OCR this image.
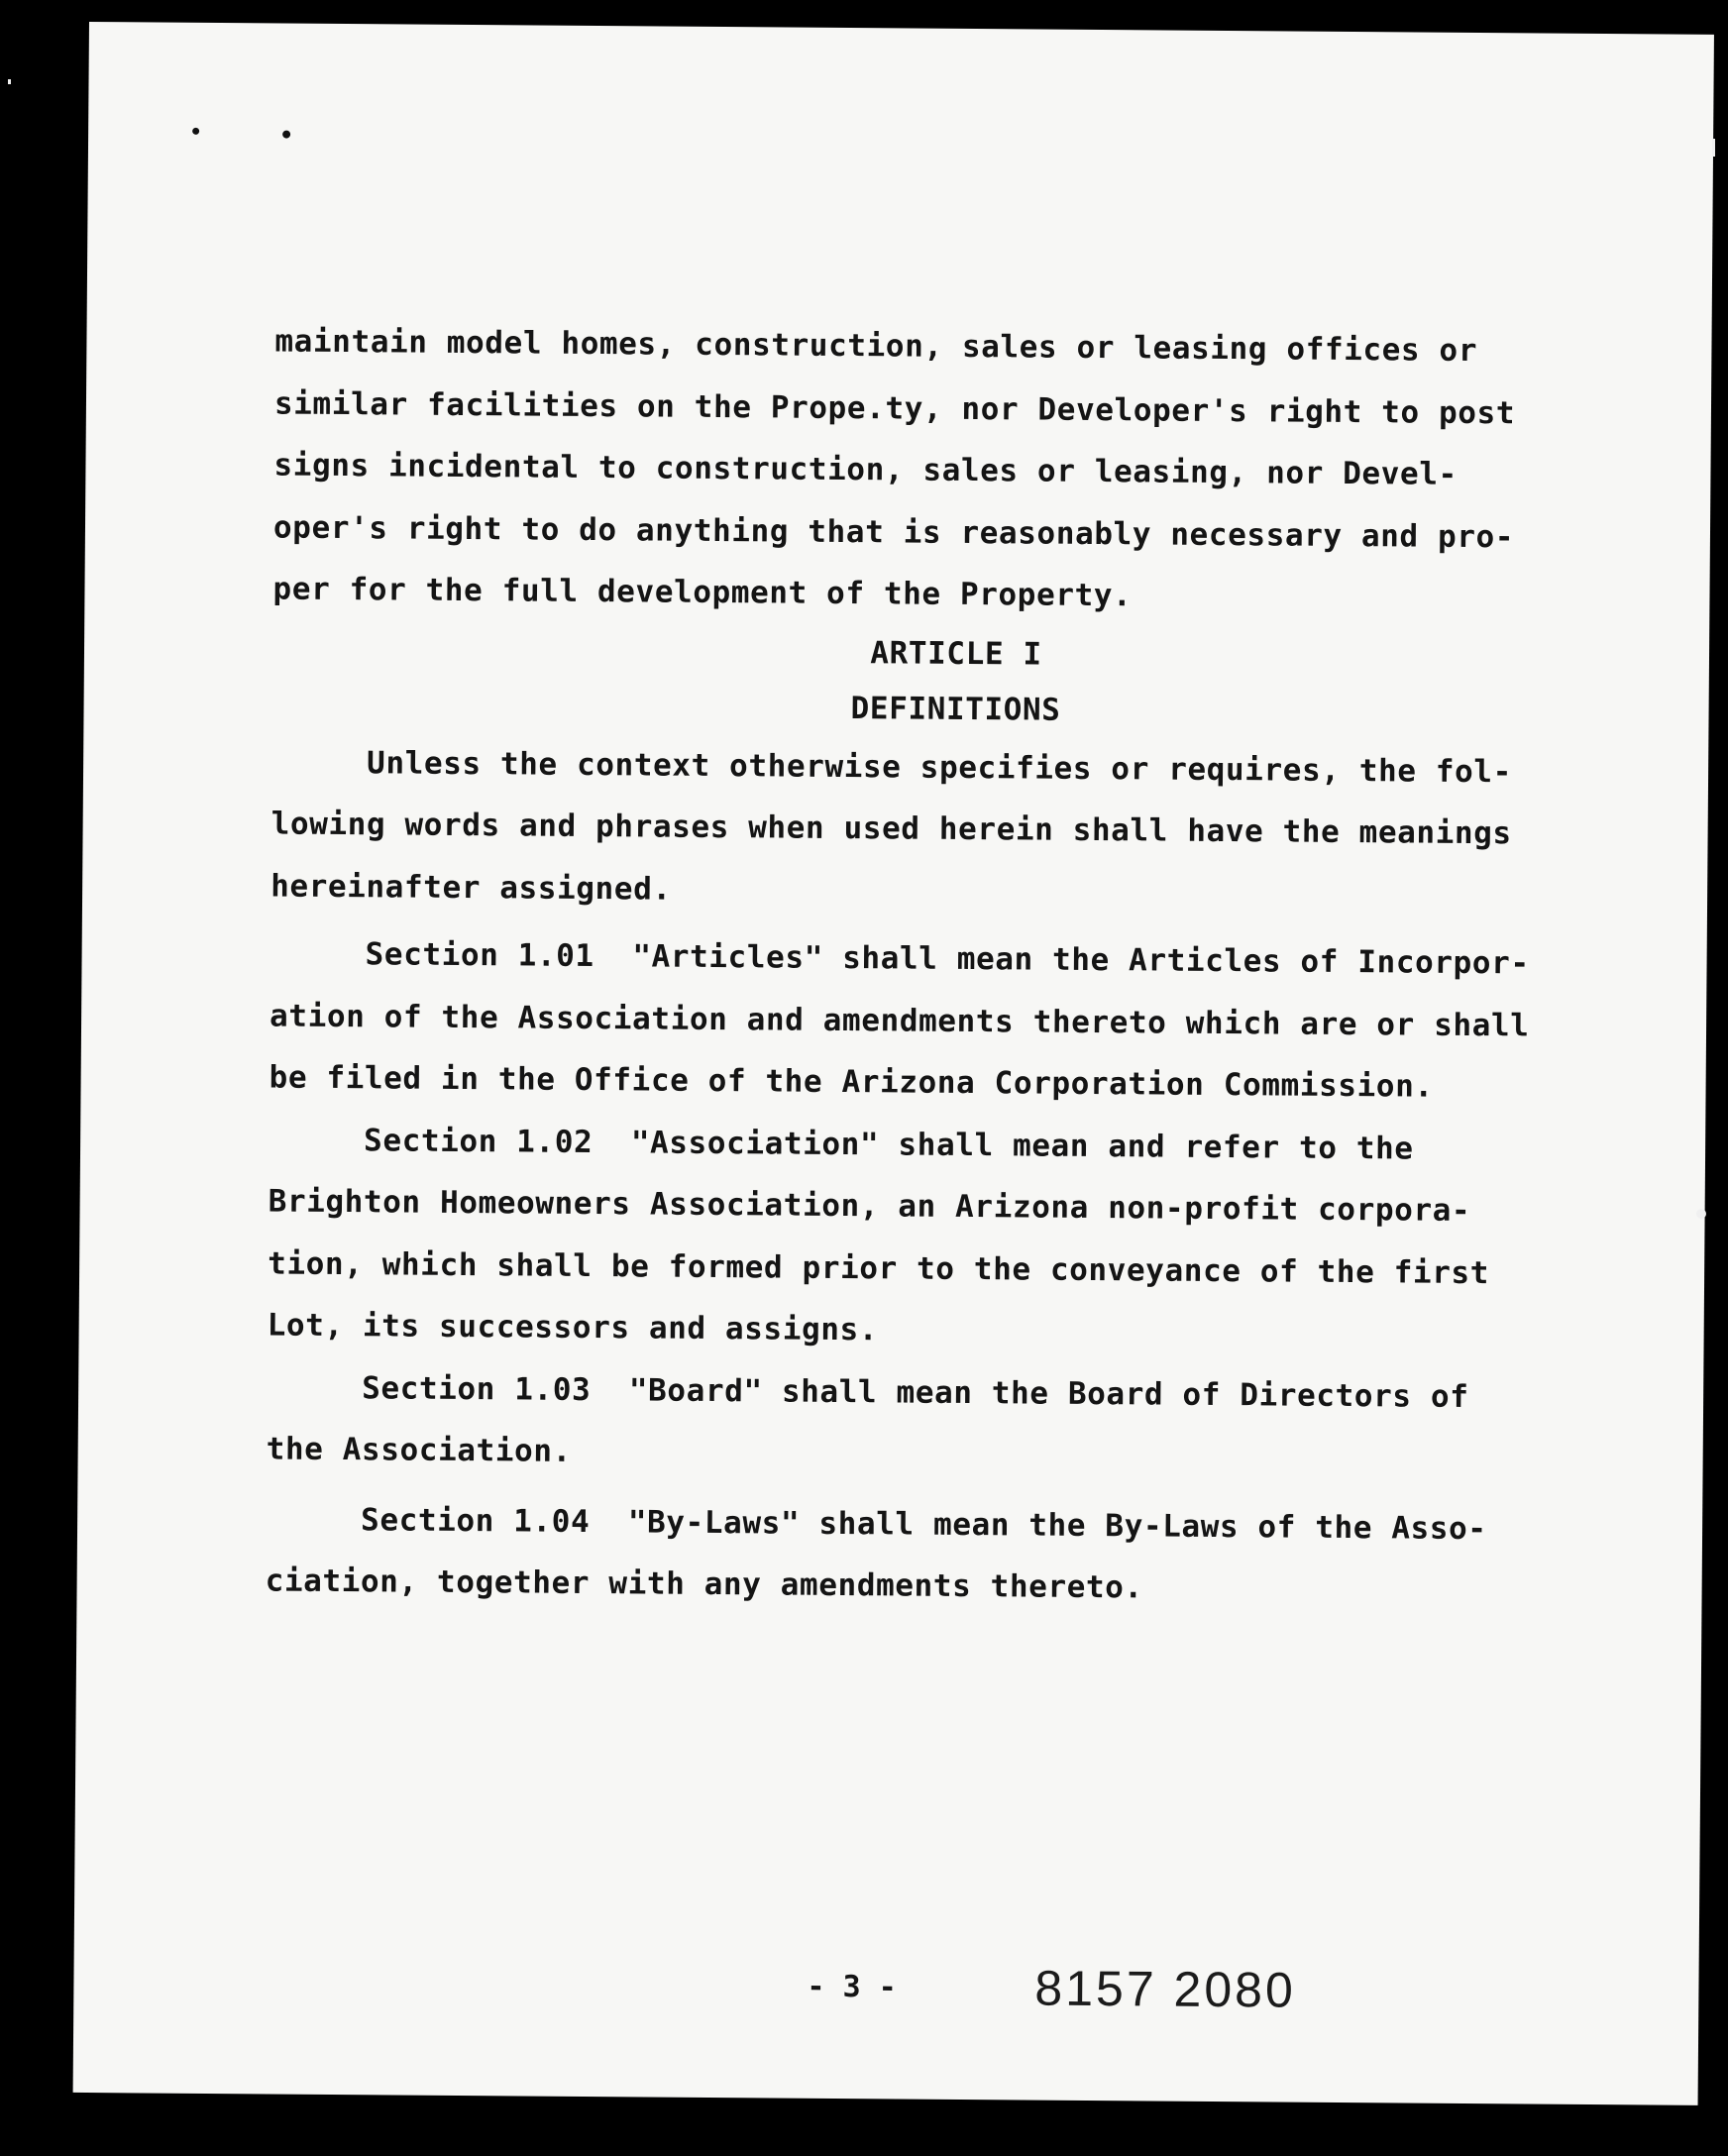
maintain model homes, construction, sales or leasing offices or
similar facilities on the Prope.ty, nor Developer's right to post
signs incidental to construction, sales or leasing, nor Devel-
oper's right to do anything that is reasonably necessary and pro-
per for the full development of the Property.
ARTICLE I
DEFINITIONS
Unless the context otherwise specifies or requires, the fol-
lowing words and phrases when used herein shall have the meanings
hereinafter assigned.
Section 1.01  "Articles" shall mean the Articles of Incorpor-
ation of the Association and amendments thereto which are or shall
be filed in the Office of the Arizona Corporation Commission.
Section 1.02  "Association" shall mean and refer to the
Brighton Homeowners Association, an Arizona non-profit corpora-
tion, which shall be formed prior to the conveyance of the first
Lot, its successors and assigns.
Section 1.03  "Board" shall mean the Board of Directors of
the Association.
Section 1.04  "By-Laws" shall mean the By-Laws of the Asso-
ciation, together with any amendments thereto.
- 3 -	8157 2080
